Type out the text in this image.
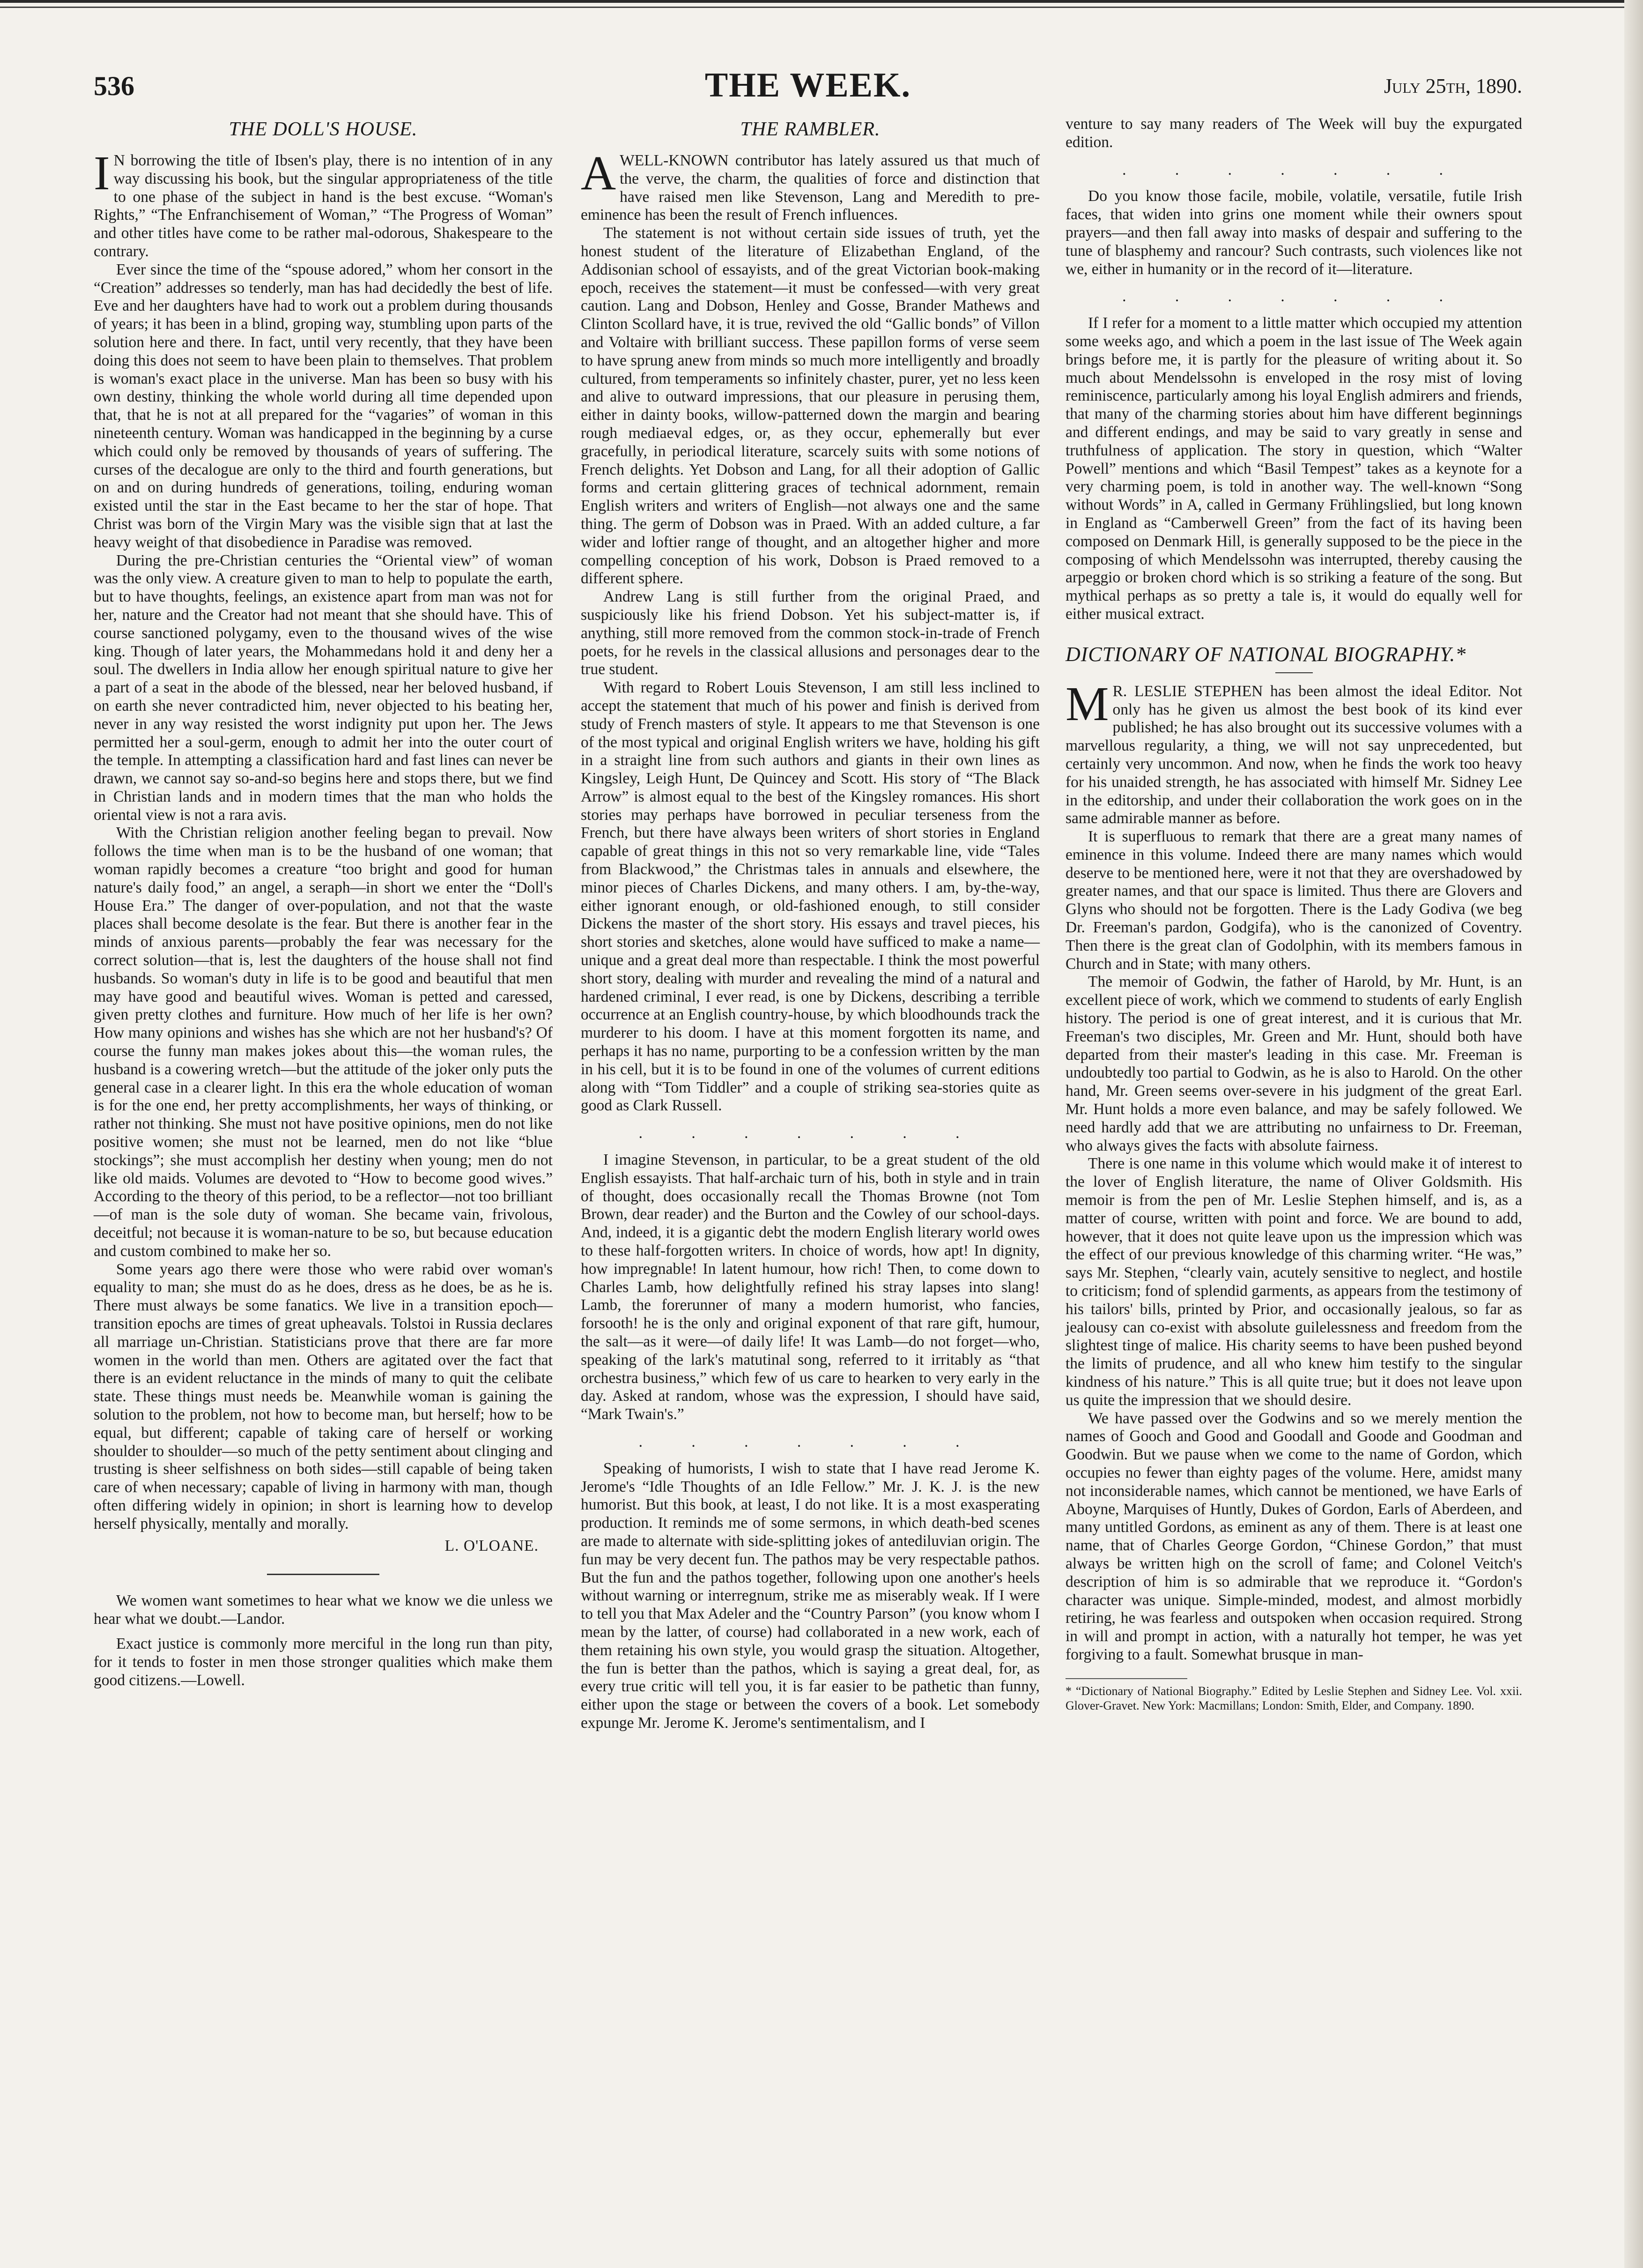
536	THE WEEK.	July 25th, 1890.
THE DOLL'S HOUSE.

I N borrowing the title of Ibsen's play, there is no intention of in any way discussing his book, but the singular appropriateness of the title to one phase of the subject in hand is the best excuse. “Woman's Rights,” “The Enfranchisement of Woman,” “The Progress of Woman” and other titles have come to be rather mal-odorous, Shakespeare to the contrary.

Ever since the time of the “spouse adored,” whom her consort in the “Creation” addresses so tenderly, man has had decidedly the best of life. Eve and her daughters have had to work out a problem during thousands of years; it has been in a blind, groping way, stumbling upon parts of the solution here and there. In fact, until very recently, that they have been doing this does not seem to have been plain to themselves. That problem is woman's exact place in the universe. Man has been so busy with his own destiny, thinking the whole world during all time depended upon that, that he is not at all prepared for the “vagaries” of woman in this nineteenth century. Woman was handicapped in the beginning by a curse which could only be removed by thousands of years of suffering. The curses of the decalogue are only to the third and fourth generations, but on and on during hundreds of generations, toiling, enduring woman existed until the star in the East became to her the star of hope. That Christ was born of the Virgin Mary was the visible sign that at last the heavy weight of that disobedience in Paradise was removed.

During the pre-Christian centuries the “Oriental view” of woman was the only view. A creature given to man to help to populate the earth, but to have thoughts, feelings, an existence apart from man was not for her, nature and the Creator had not meant that she should have. This of course sanctioned polygamy, even to the thousand wives of the wise king. Though of later years, the Mohammedans hold it and deny her a soul. The dwellers in India allow her enough spiritual nature to give her a part of a seat in the abode of the blessed, near her beloved husband, if on earth she never contradicted him, never objected to his beating her, never in any way resisted the worst indignity put upon her. The Jews permitted her a soul-germ, enough to admit her into the outer court of the temple. In attempting a classification hard and fast lines can never be drawn, we cannot say so-and-so begins here and stops there, but we find in Christian lands and in modern times that the man who holds the oriental view is not a rara avis.

With the Christian religion another feeling began to prevail. Now follows the time when man is to be the husband of one woman; that woman rapidly becomes a creature “too bright and good for human nature's daily food,” an angel, a seraph—in short we enter the “Doll's House Era.” The danger of over-population, and not that the waste places shall become desolate is the fear. But there is another fear in the minds of anxious parents—probably the fear was necessary for the correct solution—that is, lest the daughters of the house shall not find husbands. So woman's duty in life is to be good and beautiful that men may have good and beautiful wives. Woman is petted and caressed, given pretty clothes and furniture. How much of her life is her own? How many opinions and wishes has she which are not her husband's? Of course the funny man makes jokes about this—the woman rules, the husband is a cowering wretch—but the attitude of the joker only puts the general case in a clearer light. In this era the whole education of woman is for the one end, her pretty accomplishments, her ways of thinking, or rather not thinking. She must not have positive opinions, men do not like positive women; she must not be learned, men do not like “blue stockings”; she must accomplish her destiny when young; men do not like old maids. Volumes are devoted to “How to become good wives.” According to the theory of this period, to be a reflector—not too brilliant—of man is the sole duty of woman. She became vain, frivolous, deceitful; not because it is woman-nature to be so, but because education and custom combined to make her so.

Some years ago there were those who were rabid over woman's equality to man; she must do as he does, dress as he does, be as he is. There must always be some fanatics. We live in a transition epoch—transition epochs are times of great upheavals. Tolstoi in Russia declares all marriage un-Christian. Statisticians prove that there are far more women in the world than men. Others are agitated over the fact that there is an evident reluctance in the minds of many to quit the celibate state. These things must needs be. Meanwhile woman is gaining the solution to the problem, not how to become man, but herself; how to be equal, but different; capable of taking care of herself or working shoulder to shoulder—so much of the petty sentiment about clinging and trusting is sheer selfishness on both sides—still capable of being taken care of when necessary; capable of living in harmony with man, though often differing widely in opinion; in short is learning how to develop herself physically, mentally and morally.

L. O'LOANE.

We women want sometimes to hear what we know we die unless we hear what we doubt.—Landor.

Exact justice is commonly more merciful in the long run than pity, for it tends to foster in men those stronger qualities which make them good citizens.—Lowell.

THE RAMBLER.

A WELL-KNOWN contributor has lately assured us that much of the verve, the charm, the qualities of force and distinction that have raised men like Stevenson, Lang and Meredith to pre-eminence has been the result of French influences.

The statement is not without certain side issues of truth, yet the honest student of the literature of Elizabethan England, of the Addisonian school of essayists, and of the great Victorian book-making epoch, receives the statement—it must be confessed—with very great caution. Lang and Dobson, Henley and Gosse, Brander Mathews and Clinton Scollard have, it is true, revived the old “Gallic bonds” of Villon and Voltaire with brilliant success. These papillon forms of verse seem to have sprung anew from minds so much more intelligently and broadly cultured, from temperaments so infinitely chaster, purer, yet no less keen and alive to outward impressions, that our pleasure in perusing them, either in dainty books, willow-patterned down the margin and bearing rough mediaeval edges, or, as they occur, ephemerally but ever gracefully, in periodical literature, scarcely suits with some notions of French delights. Yet Dobson and Lang, for all their adoption of Gallic forms and certain glittering graces of technical adornment, remain English writers and writers of English—not always one and the same thing. The germ of Dobson was in Praed. With an added culture, a far wider and loftier range of thought, and an altogether higher and more compelling conception of his work, Dobson is Praed removed to a different sphere.

Andrew Lang is still further from the original Praed, and suspiciously like his friend Dobson. Yet his subject-matter is, if anything, still more removed from the common stock-in-trade of French poets, for he revels in the classical allusions and personages dear to the true student.

With regard to Robert Louis Stevenson, I am still less inclined to accept the statement that much of his power and finish is derived from study of French masters of style. It appears to me that Stevenson is one of the most typical and original English writers we have, holding his gift in a straight line from such authors and giants in their own lines as Kingsley, Leigh Hunt, De Quincey and Scott. His story of “The Black Arrow” is almost equal to the best of the Kingsley romances. His short stories may perhaps have borrowed in peculiar terseness from the French, but there have always been writers of short stories in England capable of great things in this not so very remarkable line, vide “Tales from Blackwood,” the Christmas tales in annuals and elsewhere, the minor pieces of Charles Dickens, and many others. I am, by-the-way, either ignorant enough, or old-fashioned enough, to still consider Dickens the master of the short story. His essays and travel pieces, his short stories and sketches, alone would have sufficed to make a name—unique and a great deal more than respectable. I think the most powerful short story, dealing with murder and revealing the mind of a natural and hardened criminal, I ever read, is one by Dickens, describing a terrible occurrence at an English country-house, by which bloodhounds track the murderer to his doom. I have at this moment forgotten its name, and perhaps it has no name, purporting to be a confession written by the man in his cell, but it is to be found in one of the volumes of current editions along with “Tom Tiddler” and a couple of striking sea-stories quite as good as Clark Russell.

. . . . . . .

I imagine Stevenson, in particular, to be a great student of the old English essayists. That half-archaic turn of his, both in style and in train of thought, does occasionally recall the Thomas Browne (not Tom Brown, dear reader) and the Burton and the Cowley of our school-days. And, indeed, it is a gigantic debt the modern English literary world owes to these half-forgotten writers. In choice of words, how apt! In dignity, how impregnable! In latent humour, how rich! Then, to come down to Charles Lamb, how delightfully refined his stray lapses into slang! Lamb, the forerunner of many a modern humorist, who fancies, forsooth! he is the only and original exponent of that rare gift, humour, the salt—as it were—of daily life! It was Lamb—do not forget—who, speaking of the lark's matutinal song, referred to it irritably as “that orchestra business,” which few of us care to hearken to very early in the day. Asked at random, whose was the expression, I should have said, “Mark Twain's.”

. . . . . . .

Speaking of humorists, I wish to state that I have read Jerome K. Jerome's “Idle Thoughts of an Idle Fellow.” Mr. J. K. J. is the new humorist. But this book, at least, I do not like. It is a most exasperating production. It reminds me of some sermons, in which death-bed scenes are made to alternate with side-splitting jokes of antediluvian origin. The fun may be very decent fun. The pathos may be very respectable pathos. But the fun and the pathos together, following upon one another's heels without warning or interregnum, strike me as miserably weak. If I were to tell you that Max Adeler and the “Country Parson” (you know whom I mean by the latter, of course) had collaborated in a new work, each of them retaining his own style, you would grasp the situation. Altogether, the fun is better than the pathos, which is saying a great deal, for, as every true critic will tell you, it is far easier to be pathetic than funny, either upon the stage or between the covers of a book. Let somebody expunge Mr. Jerome K. Jerome's sentimentalism, and I

venture to say many readers of The Week will buy the expurgated edition.

. . . . . . .

Do you know those facile, mobile, volatile, versatile, futile Irish faces, that widen into grins one moment while their owners spout prayers—and then fall away into masks of despair and suffering to the tune of blasphemy and rancour? Such contrasts, such violences like not we, either in humanity or in the record of it—literature.

. . . . . . .

If I refer for a moment to a little matter which occupied my attention some weeks ago, and which a poem in the last issue of The Week again brings before me, it is partly for the pleasure of writing about it. So much about Mendelssohn is enveloped in the rosy mist of loving reminiscence, particularly among his loyal English admirers and friends, that many of the charming stories about him have different beginnings and different endings, and may be said to vary greatly in sense and truthfulness of application. The story in question, which “Walter Powell” mentions and which “Basil Tempest” takes as a keynote for a very charming poem, is told in another way. The well-known “Song without Words” in A, called in Germany Frühlingslied, but long known in England as “Camberwell Green” from the fact of its having been composed on Denmark Hill, is generally supposed to be the piece in the composing of which Mendelssohn was interrupted, thereby causing the arpeggio or broken chord which is so striking a feature of the song. But mythical perhaps as so pretty a tale is, it would do equally well for either musical extract.

DICTIONARY OF NATIONAL BIOGRAPHY.*

M R. LESLIE STEPHEN has been almost the ideal Editor. Not only has he given us almost the best book of its kind ever published; he has also brought out its successive volumes with a marvellous regularity, a thing, we will not say unprecedented, but certainly very uncommon. And now, when he finds the work too heavy for his unaided strength, he has associated with himself Mr. Sidney Lee in the editorship, and under their collaboration the work goes on in the same admirable manner as before.

It is superfluous to remark that there are a great many names of eminence in this volume. Indeed there are many names which would deserve to be mentioned here, were it not that they are overshadowed by greater names, and that our space is limited. Thus there are Glovers and Glyns who should not be forgotten. There is the Lady Godiva (we beg Dr. Freeman's pardon, Godgifa), who is the canonized of Coventry. Then there is the great clan of Godolphin, with its members famous in Church and in State; with many others.

The memoir of Godwin, the father of Harold, by Mr. Hunt, is an excellent piece of work, which we commend to students of early English history. The period is one of great interest, and it is curious that Mr. Freeman's two disciples, Mr. Green and Mr. Hunt, should both have departed from their master's leading in this case. Mr. Freeman is undoubtedly too partial to Godwin, as he is also to Harold. On the other hand, Mr. Green seems over-severe in his judgment of the great Earl. Mr. Hunt holds a more even balance, and may be safely followed. We need hardly add that we are attributing no unfairness to Dr. Freeman, who always gives the facts with absolute fairness.

There is one name in this volume which would make it of interest to the lover of English literature, the name of Oliver Goldsmith. His memoir is from the pen of Mr. Leslie Stephen himself, and is, as a matter of course, written with point and force. We are bound to add, however, that it does not quite leave upon us the impression which was the effect of our previous knowledge of this charming writer. “He was,” says Mr. Stephen, “clearly vain, acutely sensitive to neglect, and hostile to criticism; fond of splendid garments, as appears from the testimony of his tailors' bills, printed by Prior, and occasionally jealous, so far as jealousy can co-exist with absolute guilelessness and freedom from the slightest tinge of malice. His charity seems to have been pushed beyond the limits of prudence, and all who knew him testify to the singular kindness of his nature.” This is all quite true; but it does not leave upon us quite the impression that we should desire.

We have passed over the Godwins and so we merely mention the names of Gooch and Good and Goodall and Goode and Goodman and Goodwin. But we pause when we come to the name of Gordon, which occupies no fewer than eighty pages of the volume. Here, amidst many not inconsiderable names, which cannot be mentioned, we have Earls of Aboyne, Marquises of Huntly, Dukes of Gordon, Earls of Aberdeen, and many untitled Gordons, as eminent as any of them. There is at least one name, that of Charles George Gordon, “Chinese Gordon,” that must always be written high on the scroll of fame; and Colonel Veitch's description of him is so admirable that we reproduce it. “Gordon's character was unique. Simple-minded, modest, and almost morbidly retiring, he was fearless and outspoken when occasion required. Strong in will and prompt in action, with a naturally hot temper, he was yet forgiving to a fault. Somewhat brusque in man-

* “Dictionary of National Biography.” Edited by Leslie Stephen and Sidney Lee. Vol. xxii. Glover-Gravet. New York: Macmillans; London: Smith, Elder, and Company. 1890.
